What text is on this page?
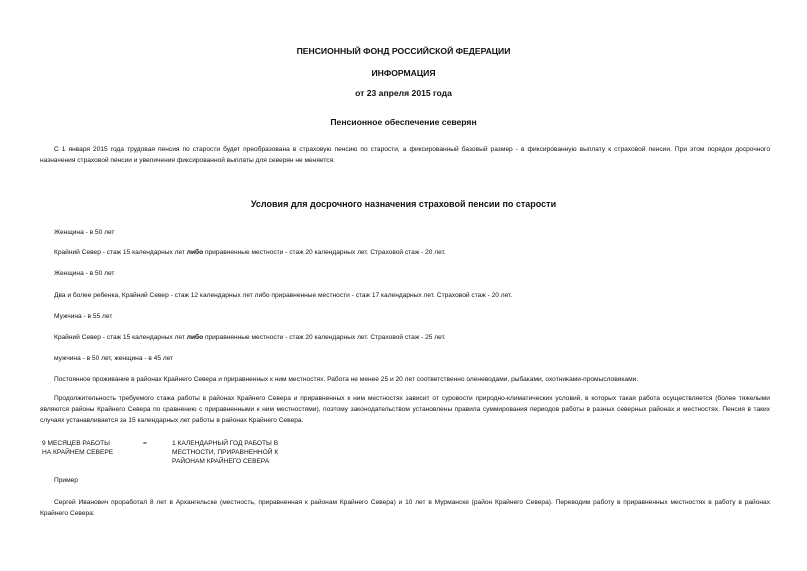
ПЕНСИОННЫЙ ФОНД РОССИЙСКОЙ ФЕДЕРАЦИИ
ИНФОРМАЦИЯ
от 23 апреля 2015 года
Пенсионное обеспечение северян
С 1 января 2015 года трудовая пенсия по старости будет преобразована в страховую пенсию по старости, а фиксированный базовый размер - в фиксированную выплату к страховой пенсии. При этом порядок досрочного назначения страховой пенсии и увеличения фиксированной выплаты для северян не меняется.
Условия для досрочного назначения страховой пенсии по старости
Женщина - в 50 лет
Крайний Север - стаж 15 календарных лет либо приравненные местности - стаж 20 календарных лет. Страховой стаж - 20 лет.
Женщина - в 50 лет
Два и более ребенка, Крайний Север - стаж 12 календарных лет либо приравненные местности - стаж 17 календарных лет. Страховой стаж - 20 лет.
Мужчина - в 55 лет
Крайний Север - стаж 15 календарных лет либо приравненные местности - стаж 20 календарных лет. Страховой стаж - 25 лет.
мужчина - в 50 лет, женщина - в 45 лет
Постоянное проживание в районах Крайнего Севера и приравненных к ним местностях. Работа не менее 25 и 20 лет соответственно оленеводами, рыбаками, охотниками-промысловиками.
Продолжительность требуемого стажа работы в районах Крайнего Севера и приравненных к ним местностях зависит от суровости природно-климатических условий, в которых такая работа осуществляется (более тяжелыми являются районы Крайнего Севера по сравнению с приравненными к ним местностями), поэтому законодательством установлены правила суммирования периодов работы в разных северных районах и местностях. Пенсия в таких случаях устанавливается за 15 календарных лет работы в районах Крайнего Севера.
9 МЕСЯЦЕВ РАБОТЫ
НА КРАЙНЕМ СЕВЕРЕ
=	1 КАЛЕНДАРНЫЙ ГОД РАБОТЫ В
МЕСТНОСТИ, ПРИРАВНЕННОЙ К
РАЙОНАМ КРАЙНЕГО СЕВЕРА
Пример
Сергей Иванович проработал 8 лет в Архангельске (местность, приравненная к районам Крайнего Севера) и 10 лет в Мурманске (район Крайнего Севера). Переводим работу в приравненных местностях в работу в районах Крайнего Севера:
